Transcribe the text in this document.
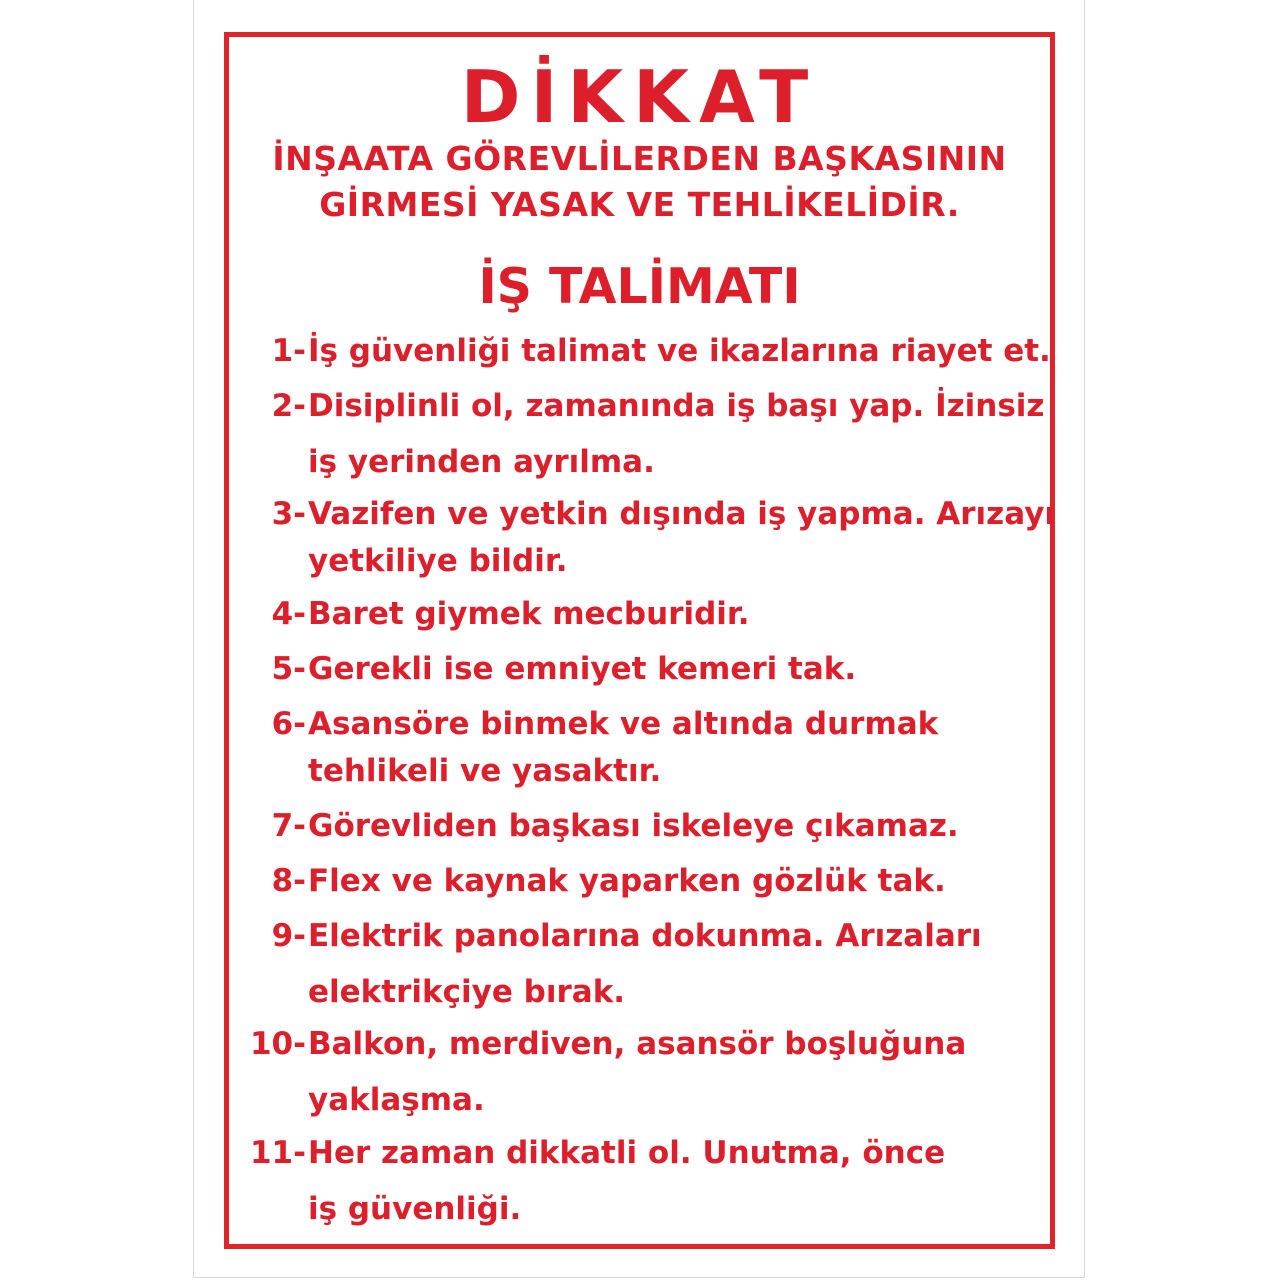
DİKKAT
İNŞAATA GÖREVLİLERDEN BAŞKASININ
GİRMESİ YASAK VE TEHLİKELİDİR.
İŞ TALİMATI
1- İş güvenliği talimat ve ikazlarına riayet et.
2- Disiplinli ol, zamanında iş başı yap. İzinsiz
iş yerinden ayrılma.
3- Vazifen ve yetkin dışında iş yapma. Arızayı
yetkiliye bildir.
4- Baret giymek mecburidir.
5- Gerekli ise emniyet kemeri tak.
6- Asansöre binmek ve altında durmak
tehlikeli ve yasaktır.
7- Görevliden başkası iskeleye çıkamaz.
8- Flex ve kaynak yaparken gözlük tak.
9- Elektrik panolarına dokunma. Arızaları
elektrikçiye bırak.
10- Balkon, merdiven, asansör boşluğuna
yaklaşma.
11- Her zaman dikkatli ol. Unutma, önce
iş güvenliği.
